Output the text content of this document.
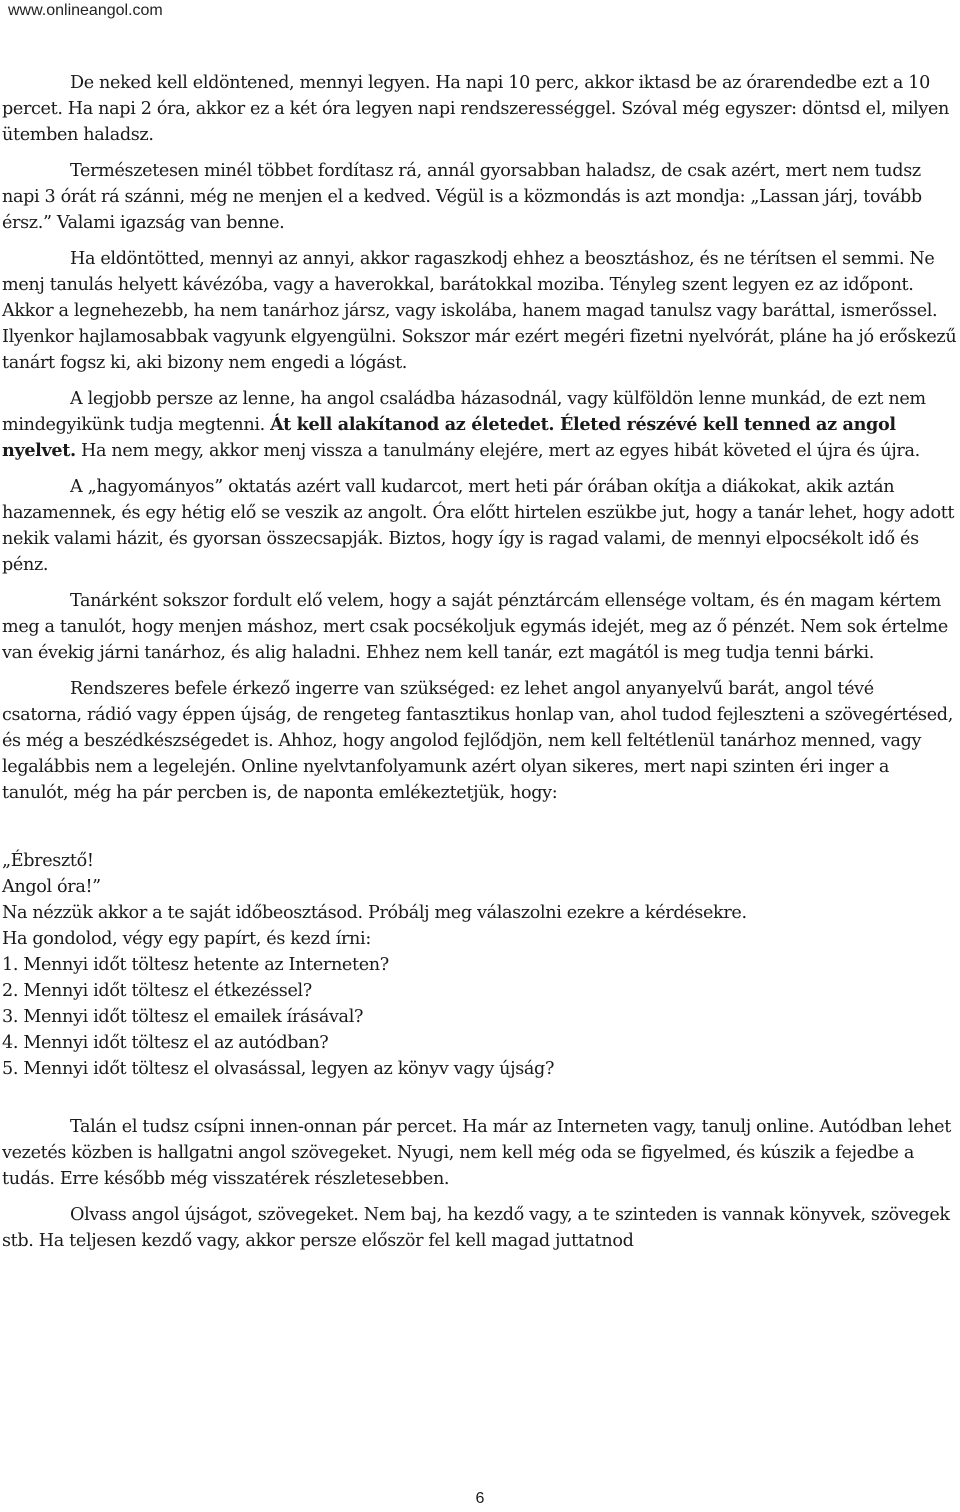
www.onlineangol.com

De neked kell eldöntened, mennyi legyen. Ha napi 10 perc, akkor iktasd be az órarendedbe ezt a 10 percet. Ha napi 2 óra, akkor ez a két óra legyen napi rendszerességgel. Szóval még egyszer: döntsd el, milyen ütemben haladsz.

Természetesen minél többet fordítasz rá, annál gyorsabban haladsz, de csak azért, mert nem tudsz napi 3 órát rá szánni, még ne menjen el a kedved. Végül is a közmondás is azt mondja: „Lassan járj, tovább érsz.” Valami igazság van benne.

Ha eldöntötted, mennyi az annyi, akkor ragaszkodj ehhez a beosztáshoz, és ne térítsen el semmi. Ne menj tanulás helyett kávézóba, vagy a haverokkal, barátokkal moziba. Tényleg szent legyen ez az időpont. Akkor a legnehezebb, ha nem tanárhoz jársz, vagy iskolába, hanem magad tanulsz vagy baráttal, ismerőssel. Ilyenkor hajlamosabbak vagyunk elgyengülni. Sokszor már ezért megéri fizetni nyelvórát, pláne ha jó erőskezű tanárt fogsz ki, aki bizony nem engedi a lógást.

A legjobb persze az lenne, ha angol családba házasodnál, vagy külföldön lenne munkád, de ezt nem mindegyikünk tudja megtenni. Át kell alakítanod az életedet. Életed részévé kell tenned az angol nyelvet. Ha nem megy, akkor menj vissza a tanulmány elejére, mert az egyes hibát követed el újra és újra.

A „hagyományos” oktatás azért vall kudarcot, mert heti pár órában okítja a diákokat, akik aztán hazamennek, és egy hétig elő se veszik az angolt. Óra előtt hirtelen eszükbe jut, hogy a tanár lehet, hogy adott nekik valami házit, és gyorsan összecsapják. Biztos, hogy így is ragad valami, de mennyi elpocsékolt idő és pénz.

Tanárként sokszor fordult elő velem, hogy a saját pénztárcám ellensége voltam, és én magam kértem meg a tanulót, hogy menjen máshoz, mert csak pocsékoljuk egymás idejét, meg az ő pénzét. Nem sok értelme van évekig járni tanárhoz, és alig haladni. Ehhez nem kell tanár, ezt magától is meg tudja tenni bárki.

Rendszeres befele érkező ingerre van szükséged: ez lehet angol anyanyelvű barát, angol tévé csatorna, rádió vagy éppen újság, de rengeteg fantasztikus honlap van, ahol tudod fejleszteni a szövegértésed, és még a beszédkészségedet is. Ahhoz, hogy angolod fejlődjön, nem kell feltétlenül tanárhoz menned, vagy legalábbis nem a legelején. Online nyelvtanfolyamunk azért olyan sikeres, mert napi szinten éri inger a tanulót, még ha pár percben is, de naponta emlékeztetjük, hogy:

„Ébresztő!
Angol óra!”
Na nézzük akkor a te saját időbeosztásod. Próbálj meg válaszolni ezekre a kérdésekre.
Ha gondolod, végy egy papírt, és kezd írni:
1. Mennyi időt töltesz hetente az Interneten?
2. Mennyi időt töltesz el étkezéssel?
3. Mennyi időt töltesz el emailek írásával?
4. Mennyi időt töltesz el az autódban?
5. Mennyi időt töltesz el olvasással, legyen az könyv vagy újság?

Talán el tudsz csípni innen-onnan pár percet. Ha már az Interneten vagy, tanulj online. Autódban lehet vezetés közben is hallgatni angol szövegeket. Nyugi, nem kell még oda se figyelmed, és kúszik a fejedbe a tudás. Erre később még visszatérek részletesebben.

Olvass angol újságot, szövegeket. Nem baj, ha kezdő vagy, a te szinteden is vannak könyvek, szövegek stb. Ha teljesen kezdő vagy, akkor persze először fel kell magad juttatnod

6
